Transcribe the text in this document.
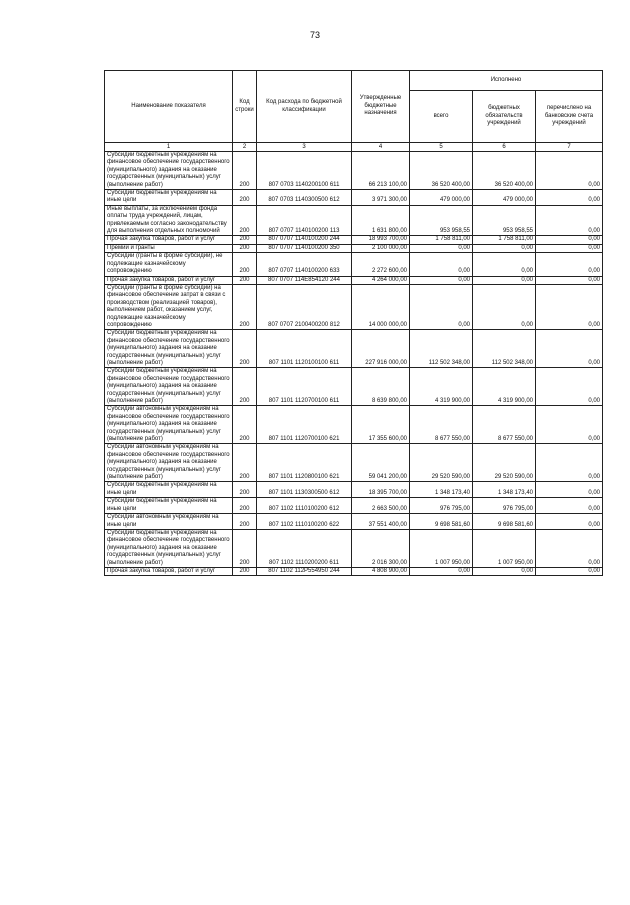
73
Наименование показателя	Код строки	Код расхода по бюджетной классификации	Утвержденные бюджетные назначения	Исполнено		
				всего	бюджетных обязательств учреждений	перечислено на банковские счета учреждений
1	2	3	4	5	6	7
Субсидии бюджетным учреждениям на финансовое обеспечение государственного (муниципального) задания на оказание государственных (муниципальных) услуг (выполнение работ)	200	807 0703 1140200100 611	66 213 100,00	36 520 400,00	36 520 400,00	0,00
Субсидии бюджетным учреждениям на иные цели	200	807 0703 1140300500 612	3 971 300,00	479 000,00	479 000,00	0,00
Иные выплаты, за исключением фонда оплаты труда учреждений, лицам, привлекаемым согласно законодательству для выполнения отдельных полномочий	200	807 0707 1140100200 113	1 631 800,00	953 958,55	953 958,55	0,00
Прочая закупка товаров, работ и услуг	200	807 0707 1140100200 244	18 993 700,00	1 758 811,00	1 758 811,00	0,00
Премии и гранты	200	807 0707 1140100200 350	2 100 000,00	0,00	0,00	0,00
Субсидии (гранты в форме субсидий), не подлежащие казначейскому сопровождению	200	807 0707 1140100200 633	2 272 600,00	0,00	0,00	0,00
Прочая закупка товаров, работ и услуг	200	807 0707 114E854120 244	4 264 000,00	0,00	0,00	0,00
Субсидии (гранты в форме субсидий) на финансовое обеспечение затрат в связи с производством (реализацией товаров), выполнением работ, оказанием услуг, подлежащие казначейскому сопровождению	200	807 0707 2100400200 812	14 000 000,00	0,00	0,00	0,00
Субсидии бюджетным учреждениям на финансовое обеспечение государственного (муниципального) задания на оказание государственных (муниципальных) услуг (выполнение работ)	200	807 1101 1120100100 611	227 916 000,00	112 502 348,00	112 502 348,00	0,00
Субсидии бюджетным учреждениям на финансовое обеспечение государственного (муниципального) задания на оказание государственных (муниципальных) услуг (выполнение работ)	200	807 1101 1120700100 611	8 639 800,00	4 319 900,00	4 319 900,00	0,00
Субсидии автономным учреждениям на финансовое обеспечение государственного (муниципального) задания на оказание государственных (муниципальных) услуг (выполнение работ)	200	807 1101 1120700100 621	17 355 600,00	8 677 550,00	8 677 550,00	0,00
Субсидии автономным учреждениям на финансовое обеспечение государственного (муниципального) задания на оказание государственных (муниципальных) услуг (выполнение работ)	200	807 1101 1120800100 621	59 041 200,00	29 520 590,00	29 520 590,00	0,00
Субсидии бюджетным учреждениям на иные цели	200	807 1101 1130300500 612	18 395 700,00	1 348 173,40	1 348 173,40	0,00
Субсидии бюджетным учреждениям на иные цели	200	807 1102 1110100200 612	2 663 500,00	976 795,00	976 795,00	0,00
Субсидии автономным учреждениям на иные цели	200	807 1102 1110100200 622	37 551 400,00	9 698 581,60	9 698 581,60	0,00
Субсидии бюджетным учреждениям на финансовое обеспечение государственного (муниципального) задания на оказание государственных (муниципальных) услуг (выполнение работ)	200	807 1102 1110200200 611	2 016 300,00	1 007 950,00	1 007 950,00	0,00
Прочая закупка товаров, работ и услуг	200	807 1102 112P554950 244	4 808 900,00	0,00	0,00	0,00
